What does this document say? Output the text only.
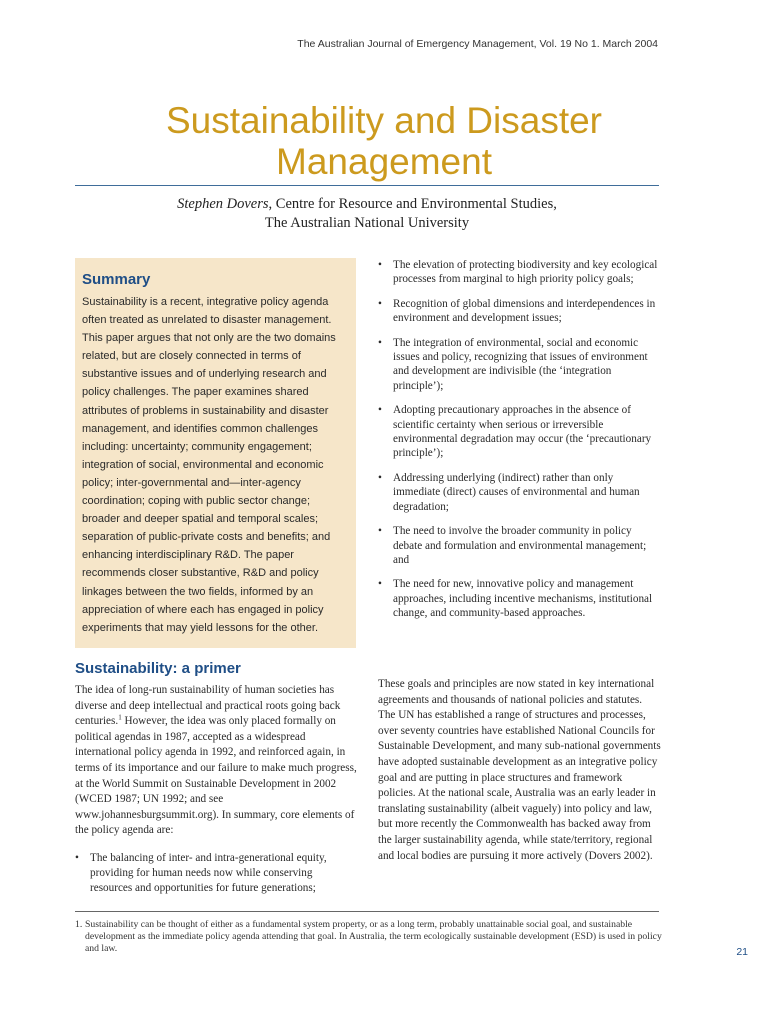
The Australian Journal of Emergency Management, Vol. 19 No 1. March 2004
Sustainability and Disaster
Management
Stephen Dovers, Centre for Resource and Environmental Studies,
The Australian National University
Summary

Sustainability is a recent, integrative policy agenda often treated as unrelated to disaster management. This paper argues that not only are the two domains related, but are closely connected in terms of substantive issues and of underlying research and policy challenges. The paper examines shared attributes of problems in sustainability and disaster management, and identifies common challenges including: uncertainty; community engagement; integration of social, environmental and economic policy; inter-governmental and—inter-agency coordination; coping with public sector change; broader and deeper spatial and temporal scales; separation of public-private costs and benefits; and enhancing interdisciplinary R&D. The paper recommends closer substantive, R&D and policy linkages between the two fields, informed by an appreciation of where each has engaged in policy experiments that may yield lessons for the other.

Sustainability: a primer

The idea of long-run sustainability of human societies has diverse and deep intellectual and practical roots going back centuries.$^1$ However, the idea was only placed formally on political agendas in 1987, accepted as a widespread international policy agenda in 1992, and reinforced again, in terms of its importance and our failure to make much progress, at the World Summit on Sustainable Development in 2002 (WCED 1987; UN 1992; and see www.johannesburgsummit.org). In summary, core elements of the policy agenda are:

• The balancing of inter- and intra-generational equity, providing for human needs now while conserving resources and opportunities for future generations;
• The elevation of protecting biodiversity and key ecological processes from marginal to high priority policy goals;
• Recognition of global dimensions and interdependences in environment and development issues;
• The integration of environmental, social and economic issues and policy, recognizing that issues of environment and development are indivisible (the ‘integration principle’);
• Adopting precautionary approaches in the absence of scientific certainty when serious or irreversible environmental degradation may occur (the ‘precautionary principle’);
• Addressing underlying (indirect) rather than only immediate (direct) causes of environmental and human degradation;
• The need to involve the broader community in policy debate and formulation and environmental management; and
• The need for new, innovative policy and management approaches, including incentive mechanisms, institutional change, and community-based approaches.

These goals and principles are now stated in key international agreements and thousands of national policies and statutes. The UN has established a range of structures and processes, over seventy countries have established National Councils for Sustainable Development, and many sub-national governments have adopted sustainable development as an integrative policy goal and are putting in place structures and framework policies. At the national scale, Australia was an early leader in translating sustainability (albeit vaguely) into policy and law, but more recently the Commonwealth has backed away from the larger sustainability agenda, while state/territory, regional and local bodies are pursuing it more actively (Dovers 2002).

1. Sustainability can be thought of either as a fundamental system property, or as a long term, probably unattainable social goal, and sustainable development as the immediate policy agenda attending that goal. In Australia, the term ecologically sustainable development (ESD) is used in policy and law.	21
